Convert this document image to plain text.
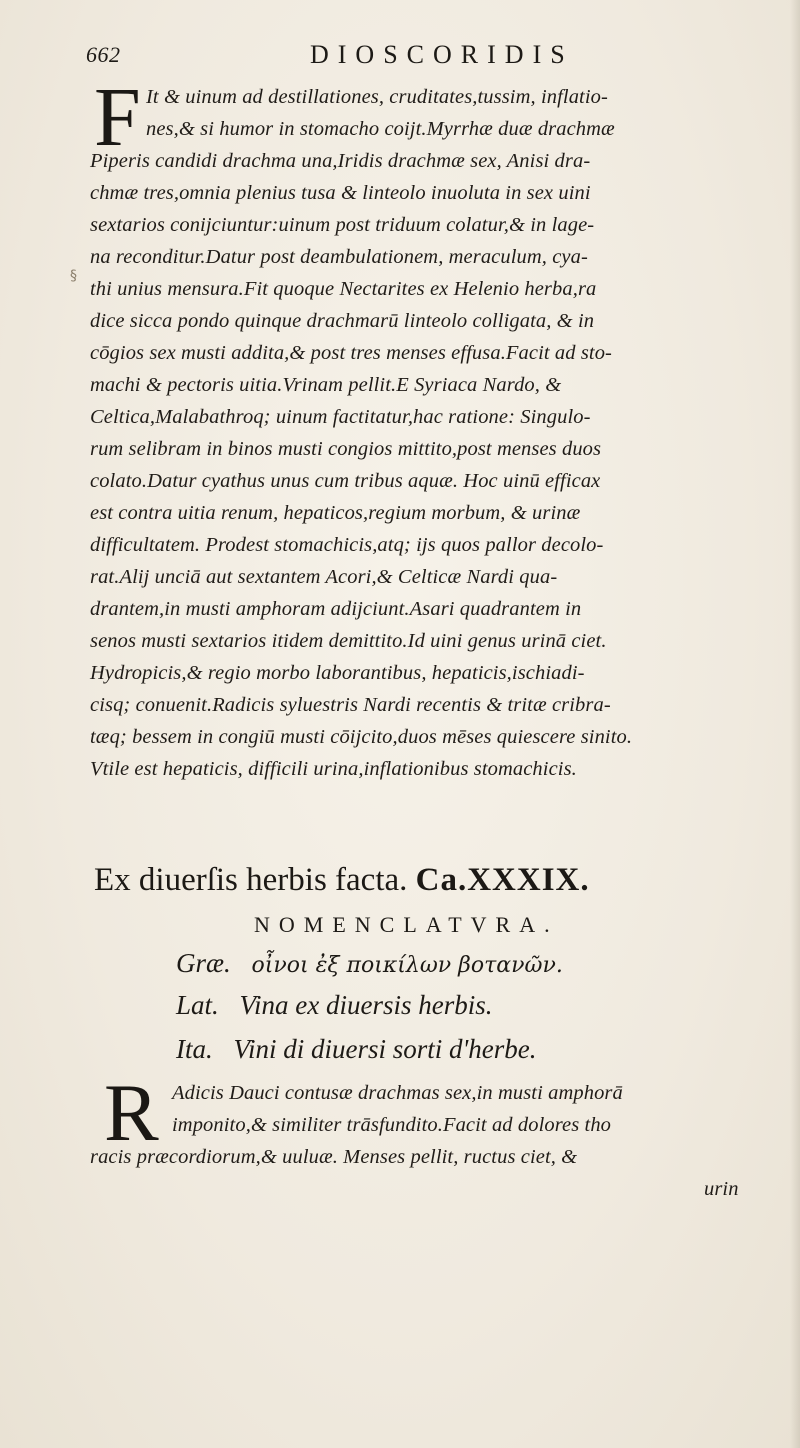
662	DIOSCORIDIS
F It & uinum ad destillationes, cruditates,tussim, inflatio-
nes,& si humor in stomacho coijt.Myrrhæ duæ drachmæ
Piperis candidi drachma una,Iridis drachmæ sex, Anisi dra-
chmæ tres,omnia plenius tusa & linteolo inuoluta in sex uini
sextarios conijciuntur:uinum post triduum colatur,& in lage-
na reconditur.Datur post deambulationem, meraculum, cya-
thi unius mensura.Fit quoque Nectarites ex Helenio herba,ra
dice sicca pondo quinque drachmarū linteolo colligata, & in
cōgios sex musti addita,& post tres menses effusa.Facit ad sto-
machi & pectoris uitia.Vrinam pellit.E Syriaca Nardo, &
Celtica,Malabathroq; uinum factitatur,hac ratione: Singulo-
rum selibram in binos musti congios mittito,post menses duos
colato.Datur cyathus unus cum tribus aquæ. Hoc uinū efficax
est contra uitia renum, hepaticos,regium morbum, & urinæ
difficultatem. Prodest stomachicis,atq; ijs quos pallor decolo-
rat.Alij unciā aut sextantem Acori,& Celticæ Nardi qua-
drantem,in musti amphoram adijciunt.Asari quadrantem in
senos musti sextarios itidem demittito.Id uini genus urinā ciet.
Hydropicis,& regio morbo laborantibus, hepaticis,ischiadi-
cisq; conuenit.Radicis syluestris Nardi recentis & tritæ cribra-
tæq; bessem in congiū musti cōijcito,duos mēses quiescere sinito.
Vtile est hepaticis, difficili urina,inflationibus stomachicis.
Ex diuerſis herbis facta. Ca.XXXIX.
NOMENCLATVRA.
Græ. οἶνοι ἐξ ποικίλων βοτανῶν.
Lat. Vina ex diuersis herbis.
Ita. Vini di diuersi sorti d'herbe.
R Adicis Dauci contusæ drachmas sex,in musti amphorā
imponito,& similiter trāsfundito.Facit ad dolores tho
racis præcordiorum,& uuluæ. Menses pellit, ructus ciet, &
urin
§
